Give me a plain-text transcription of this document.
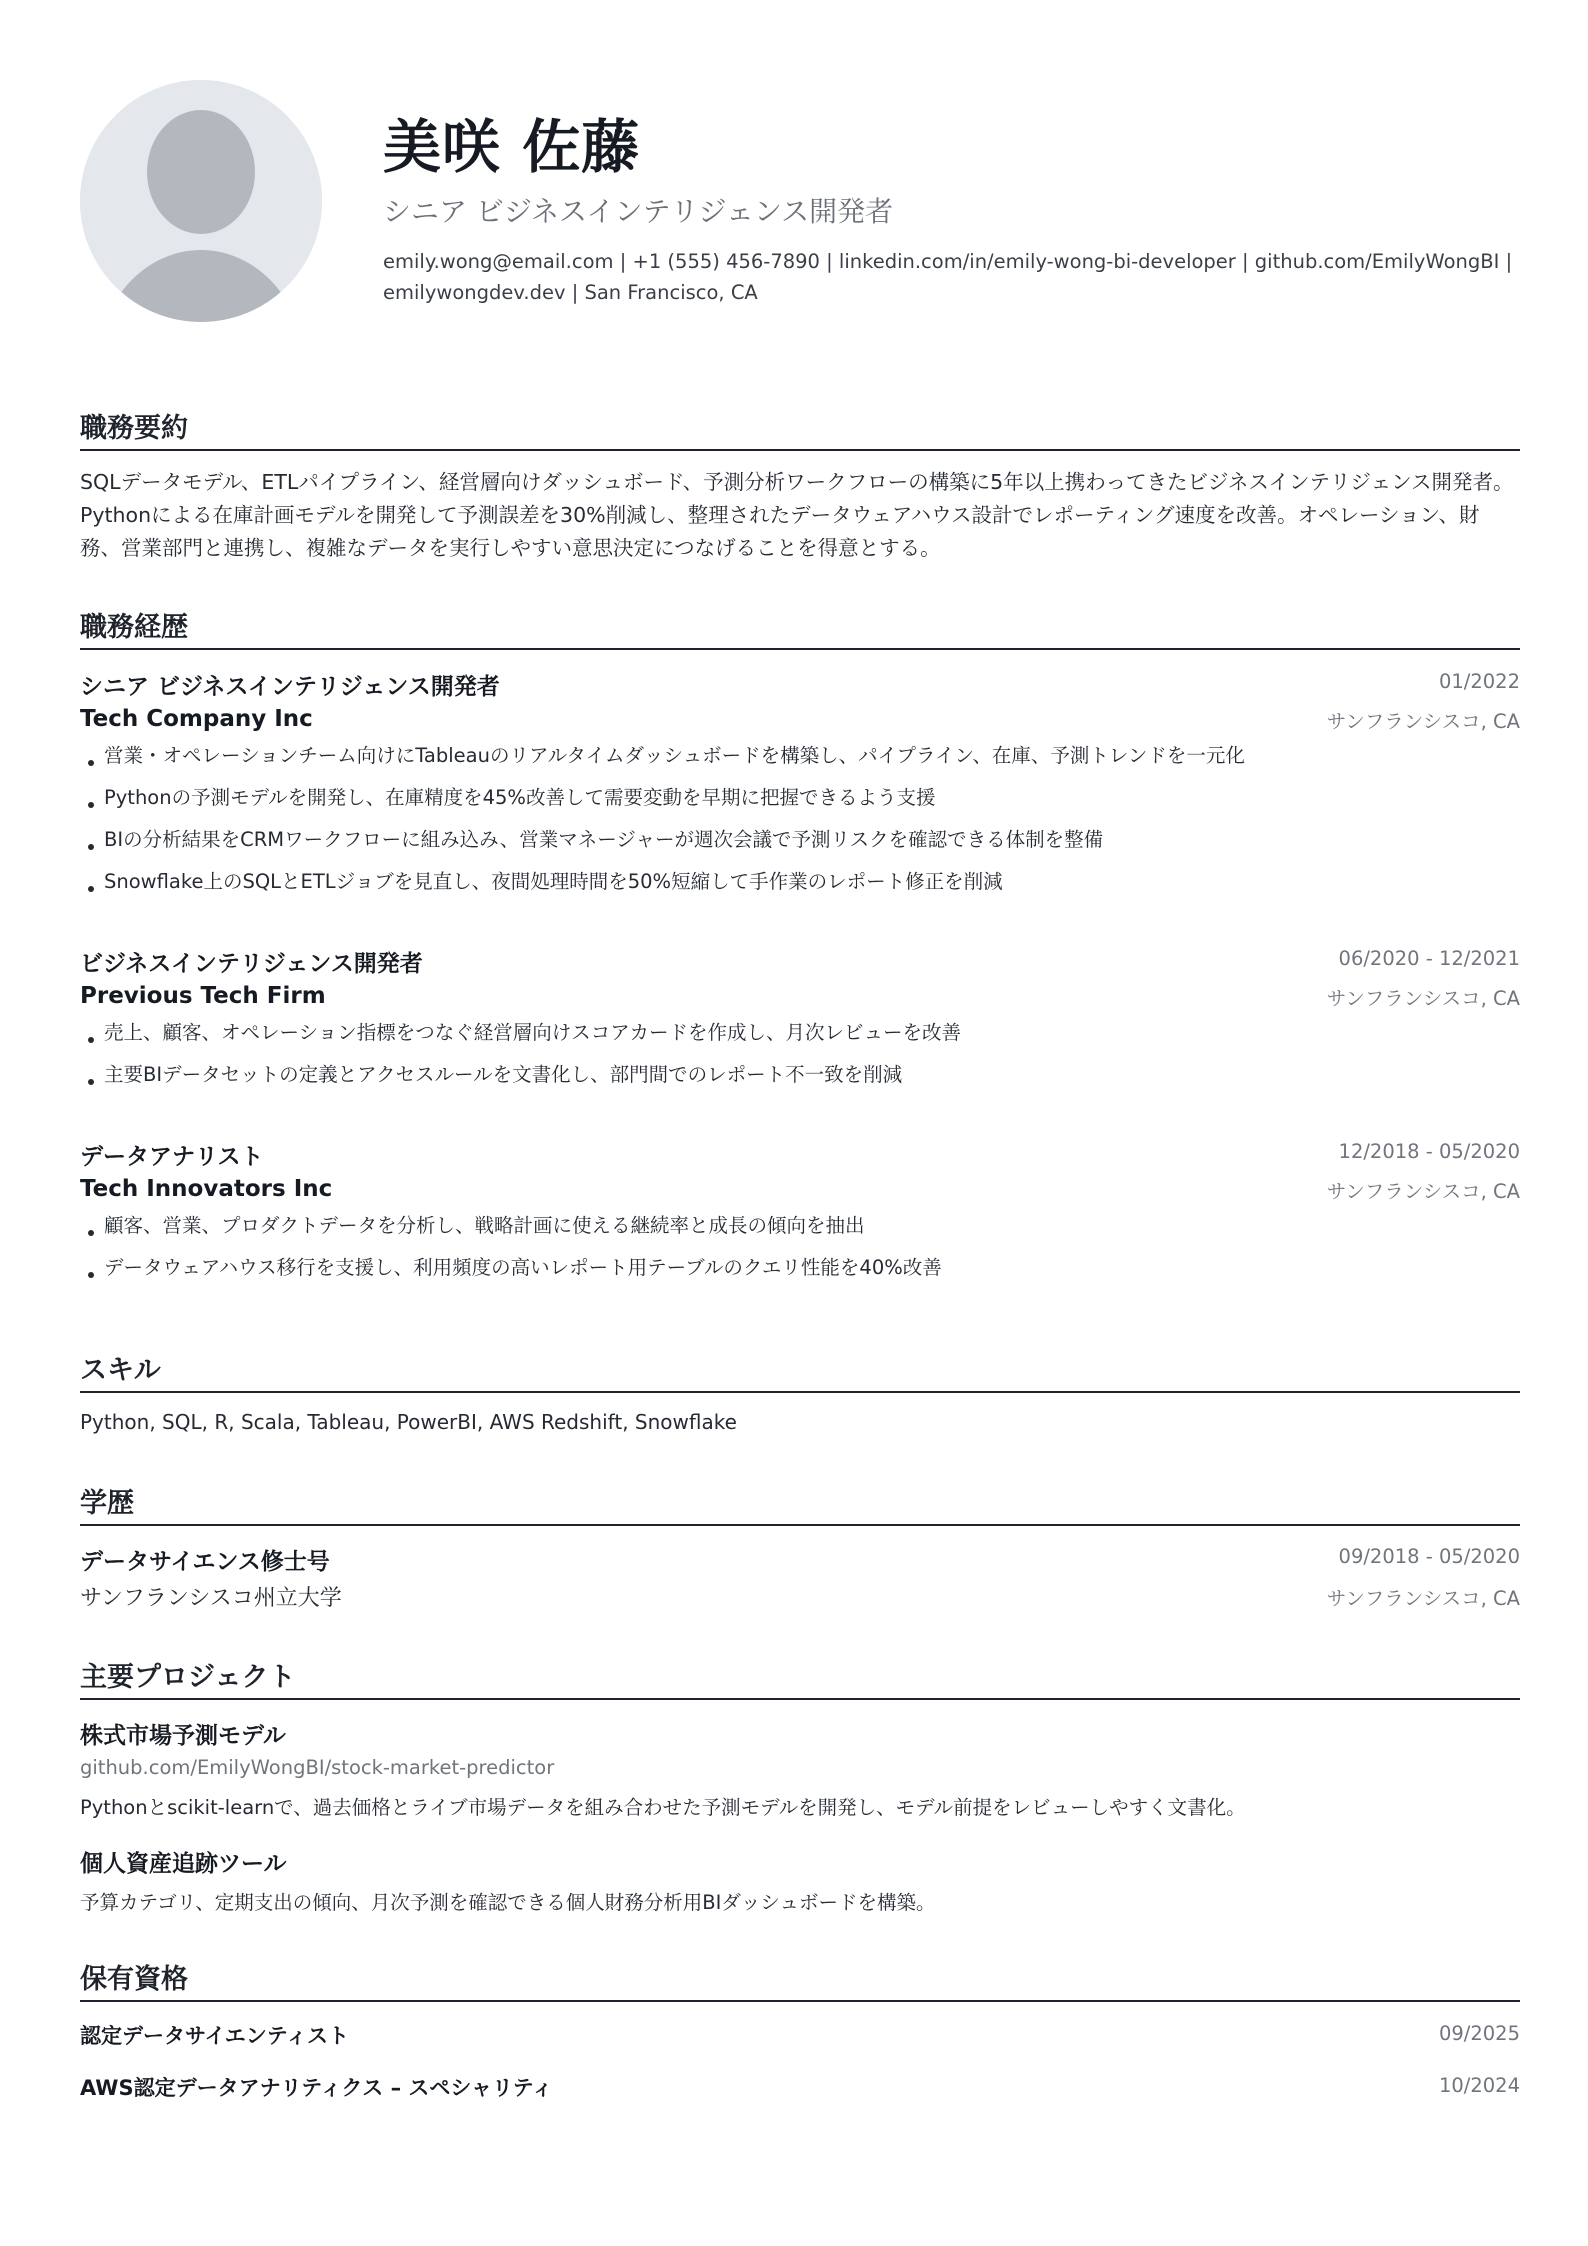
美咲 佐藤
シニア ビジネスインテリジェンス開発者
emily.wong@email.com | +1 (555) 456-7890 | linkedin.com/in/emily-wong-bi-developer | github.com/EmilyWongBI | emilywongdev.dev | San Francisco, CA
職務要約
SQLデータモデル、ETLパイプライン、経営層向けダッシュボード、予測分析ワークフローの構築に5年以上携わってきたビジネスインテリジェンス開発者。Pythonによる在庫計画モデルを開発して予測誤差を30%削減し、整理されたデータウェアハウス設計でレポーティング速度を改善。オペレーション、財務、営業部門と連携し、複雑なデータを実行しやすい意思決定につなげることを得意とする。
職務経歴
シニア ビジネスインテリジェンス開発者	01/2022
Tech Company Inc	サンフランシスコ, CA
営業・オペレーションチーム向けにTableauのリアルタイムダッシュボードを構築し、パイプライン、在庫、予測トレンドを一元化
Pythonの予測モデルを開発し、在庫精度を45%改善して需要変動を早期に把握できるよう支援
BIの分析結果をCRMワークフローに組み込み、営業マネージャーが週次会議で予測リスクを確認できる体制を整備
Snowflake上のSQLとETLジョブを見直し、夜間処理時間を50%短縮して手作業のレポート修正を削減
ビジネスインテリジェンス開発者	06/2020 - 12/2021
Previous Tech Firm	サンフランシスコ, CA
売上、顧客、オペレーション指標をつなぐ経営層向けスコアカードを作成し、月次レビューを改善
主要BIデータセットの定義とアクセスルールを文書化し、部門間でのレポート不一致を削減
データアナリスト	12/2018 - 05/2020
Tech Innovators Inc	サンフランシスコ, CA
顧客、営業、プロダクトデータを分析し、戦略計画に使える継続率と成長の傾向を抽出
データウェアハウス移行を支援し、利用頻度の高いレポート用テーブルのクエリ性能を40%改善
スキル
Python, SQL, R, Scala, Tableau, PowerBI, AWS Redshift, Snowflake
学歴
データサイエンス修士号	09/2018 - 05/2020
サンフランシスコ州立大学	サンフランシスコ, CA
主要プロジェクト
株式市場予測モデル
github.com/EmilyWongBI/stock-market-predictor
Pythonとscikit-learnで、過去価格とライブ市場データを組み合わせた予測モデルを開発し、モデル前提をレビューしやすく文書化。
個人資産追跡ツール
予算カテゴリ、定期支出の傾向、月次予測を確認できる個人財務分析用BIダッシュボードを構築。
保有資格
認定データサイエンティスト	09/2025
AWS認定データアナリティクス – スペシャリティ	10/2024
